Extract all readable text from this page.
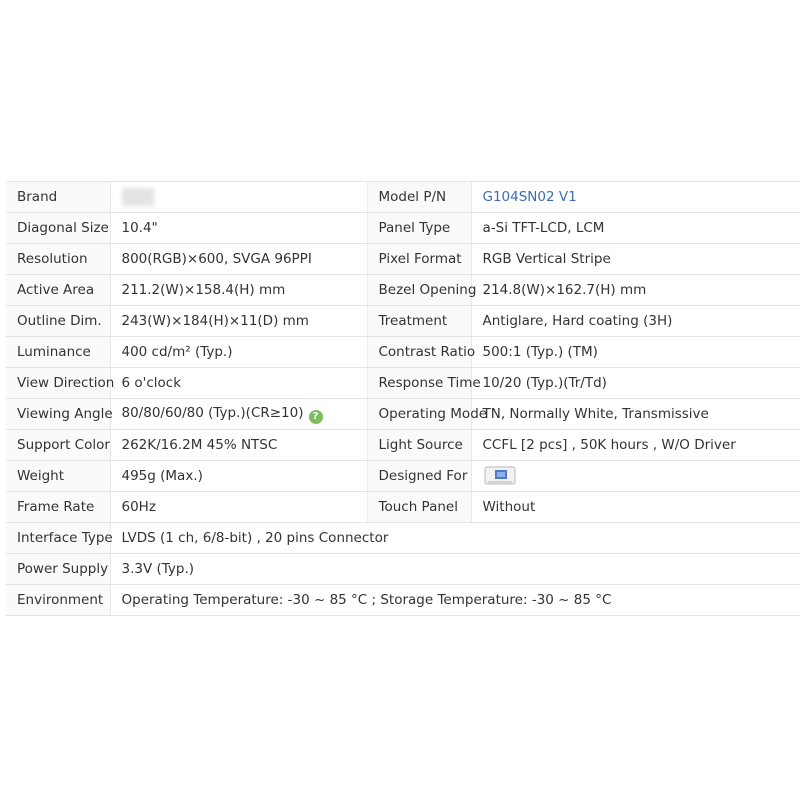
Brand		Model P/N	G104SN02 V1
Diagonal Size	10.4"	Panel Type	a-Si TFT-LCD, LCM
Resolution	800(RGB)×600, SVGA 96PPI	Pixel Format	RGB Vertical Stripe
Active Area	211.2(W)×158.4(H) mm	Bezel Opening	214.8(W)×162.7(H) mm
Outline Dim.	243(W)×184(H)×11(D) mm	Treatment	Antiglare, Hard coating (3H)
Luminance	400 cd/m² (Typ.)	Contrast Ratio	500:1 (Typ.) (TM)
View Direction	6 o'clock	Response Time	10/20 (Typ.)(Tr/Td)
Viewing Angle	80/80/60/80 (Typ.)(CR≥10) ?	Operating Mode	TN, Normally White, Transmissive
Support Color	262K/16.2M 45% NTSC	Light Source	CCFL [2 pcs] , 50K hours , W/O Driver
Weight	495g (Max.)	Designed For	
Frame Rate	60Hz	Touch Panel	Without
Interface Type	LVDS (1 ch, 6/8-bit) , 20 pins Connector		
Power Supply	3.3V (Typ.)		
Environment	Operating Temperature: -30 ~ 85 °C ; Storage Temperature: -30 ~ 85 °C		
